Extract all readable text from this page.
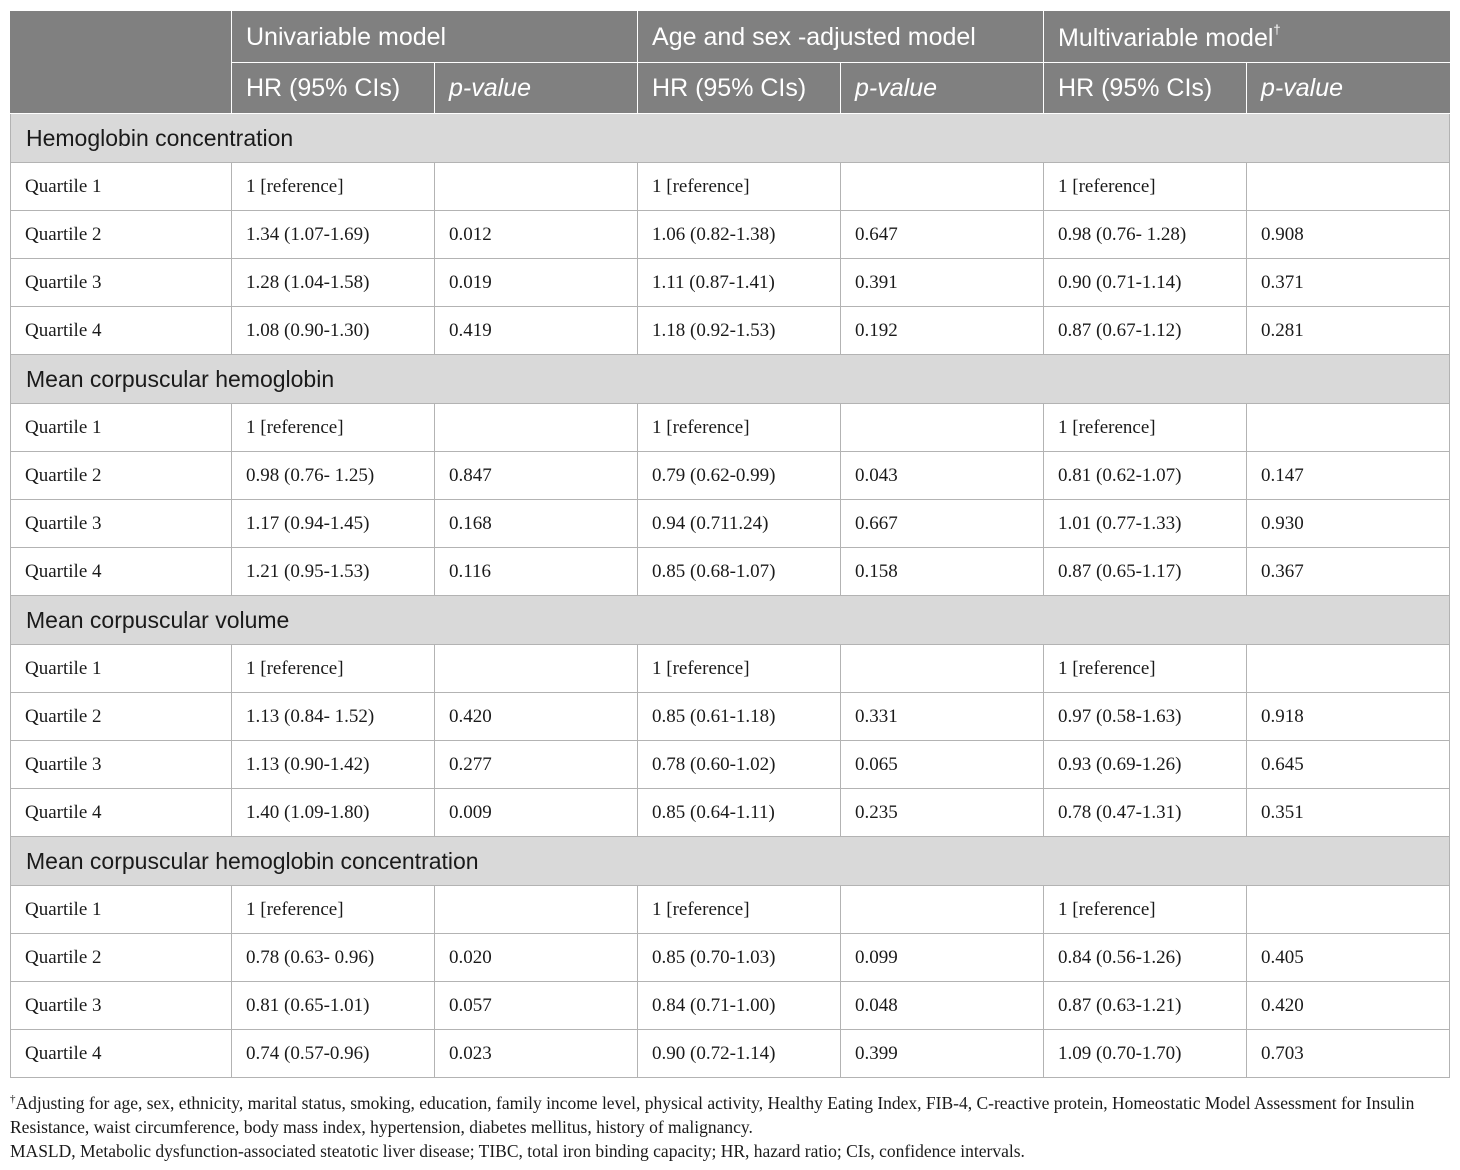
	Univariable model		Age and sex -adjusted model		Multivariable model†
	HR (95% CIs)	p-value	HR (95% CIs)	p-value	HR (95% CIs)	p-value
Hemoglobin concentration						
Quartile 1	1 [reference]		1 [reference]		1 [reference]	
Quartile 2	1.34 (1.07-1.69)	0.012	1.06 (0.82-1.38)	0.647	0.98 (0.76- 1.28)	0.908
Quartile 3	1.28 (1.04-1.58)	0.019	1.11 (0.87-1.41)	0.391	0.90 (0.71-1.14)	0.371
Quartile 4	1.08 (0.90-1.30)	0.419	1.18 (0.92-1.53)	0.192	0.87 (0.67-1.12)	0.281
Mean corpuscular hemoglobin						
Quartile 1	1 [reference]		1 [reference]		1 [reference]	
Quartile 2	0.98 (0.76- 1.25)	0.847	0.79 (0.62-0.99)	0.043	0.81 (0.62-1.07)	0.147
Quartile 3	1.17 (0.94-1.45)	0.168	0.94 (0.711.24)	0.667	1.01 (0.77-1.33)	0.930
Quartile 4	1.21 (0.95-1.53)	0.116	0.85 (0.68-1.07)	0.158	0.87 (0.65-1.17)	0.367
Mean corpuscular volume						
Quartile 1	1 [reference]		1 [reference]		1 [reference]	
Quartile 2	1.13 (0.84- 1.52)	0.420	0.85 (0.61-1.18)	0.331	0.97 (0.58-1.63)	0.918
Quartile 3	1.13 (0.90-1.42)	0.277	0.78 (0.60-1.02)	0.065	0.93 (0.69-1.26)	0.645
Quartile 4	1.40 (1.09-1.80)	0.009	0.85 (0.64-1.11)	0.235	0.78 (0.47-1.31)	0.351
Mean corpuscular hemoglobin concentration						
Quartile 1	1 [reference]		1 [reference]		1 [reference]	
Quartile 2	0.78 (0.63- 0.96)	0.020	0.85 (0.70-1.03)	0.099	0.84 (0.56-1.26)	0.405
Quartile 3	0.81 (0.65-1.01)	0.057	0.84 (0.71-1.00)	0.048	0.87 (0.63-1.21)	0.420
Quartile 4	0.74 (0.57-0.96)	0.023	0.90 (0.72-1.14)	0.399	1.09 (0.70-1.70)	0.703

†Adjusting for age, sex, ethnicity, marital status, smoking, education, family income level, physical activity, Healthy Eating Index, FIB-4, C-reactive protein, Homeostatic Model Assessment for Insulin Resistance, waist circumference, body mass index, hypertension, diabetes mellitus, history of malignancy.

MASLD, Metabolic dysfunction-associated steatotic liver disease; TIBC, total iron binding capacity; HR, hazard ratio; CIs, confidence intervals.
